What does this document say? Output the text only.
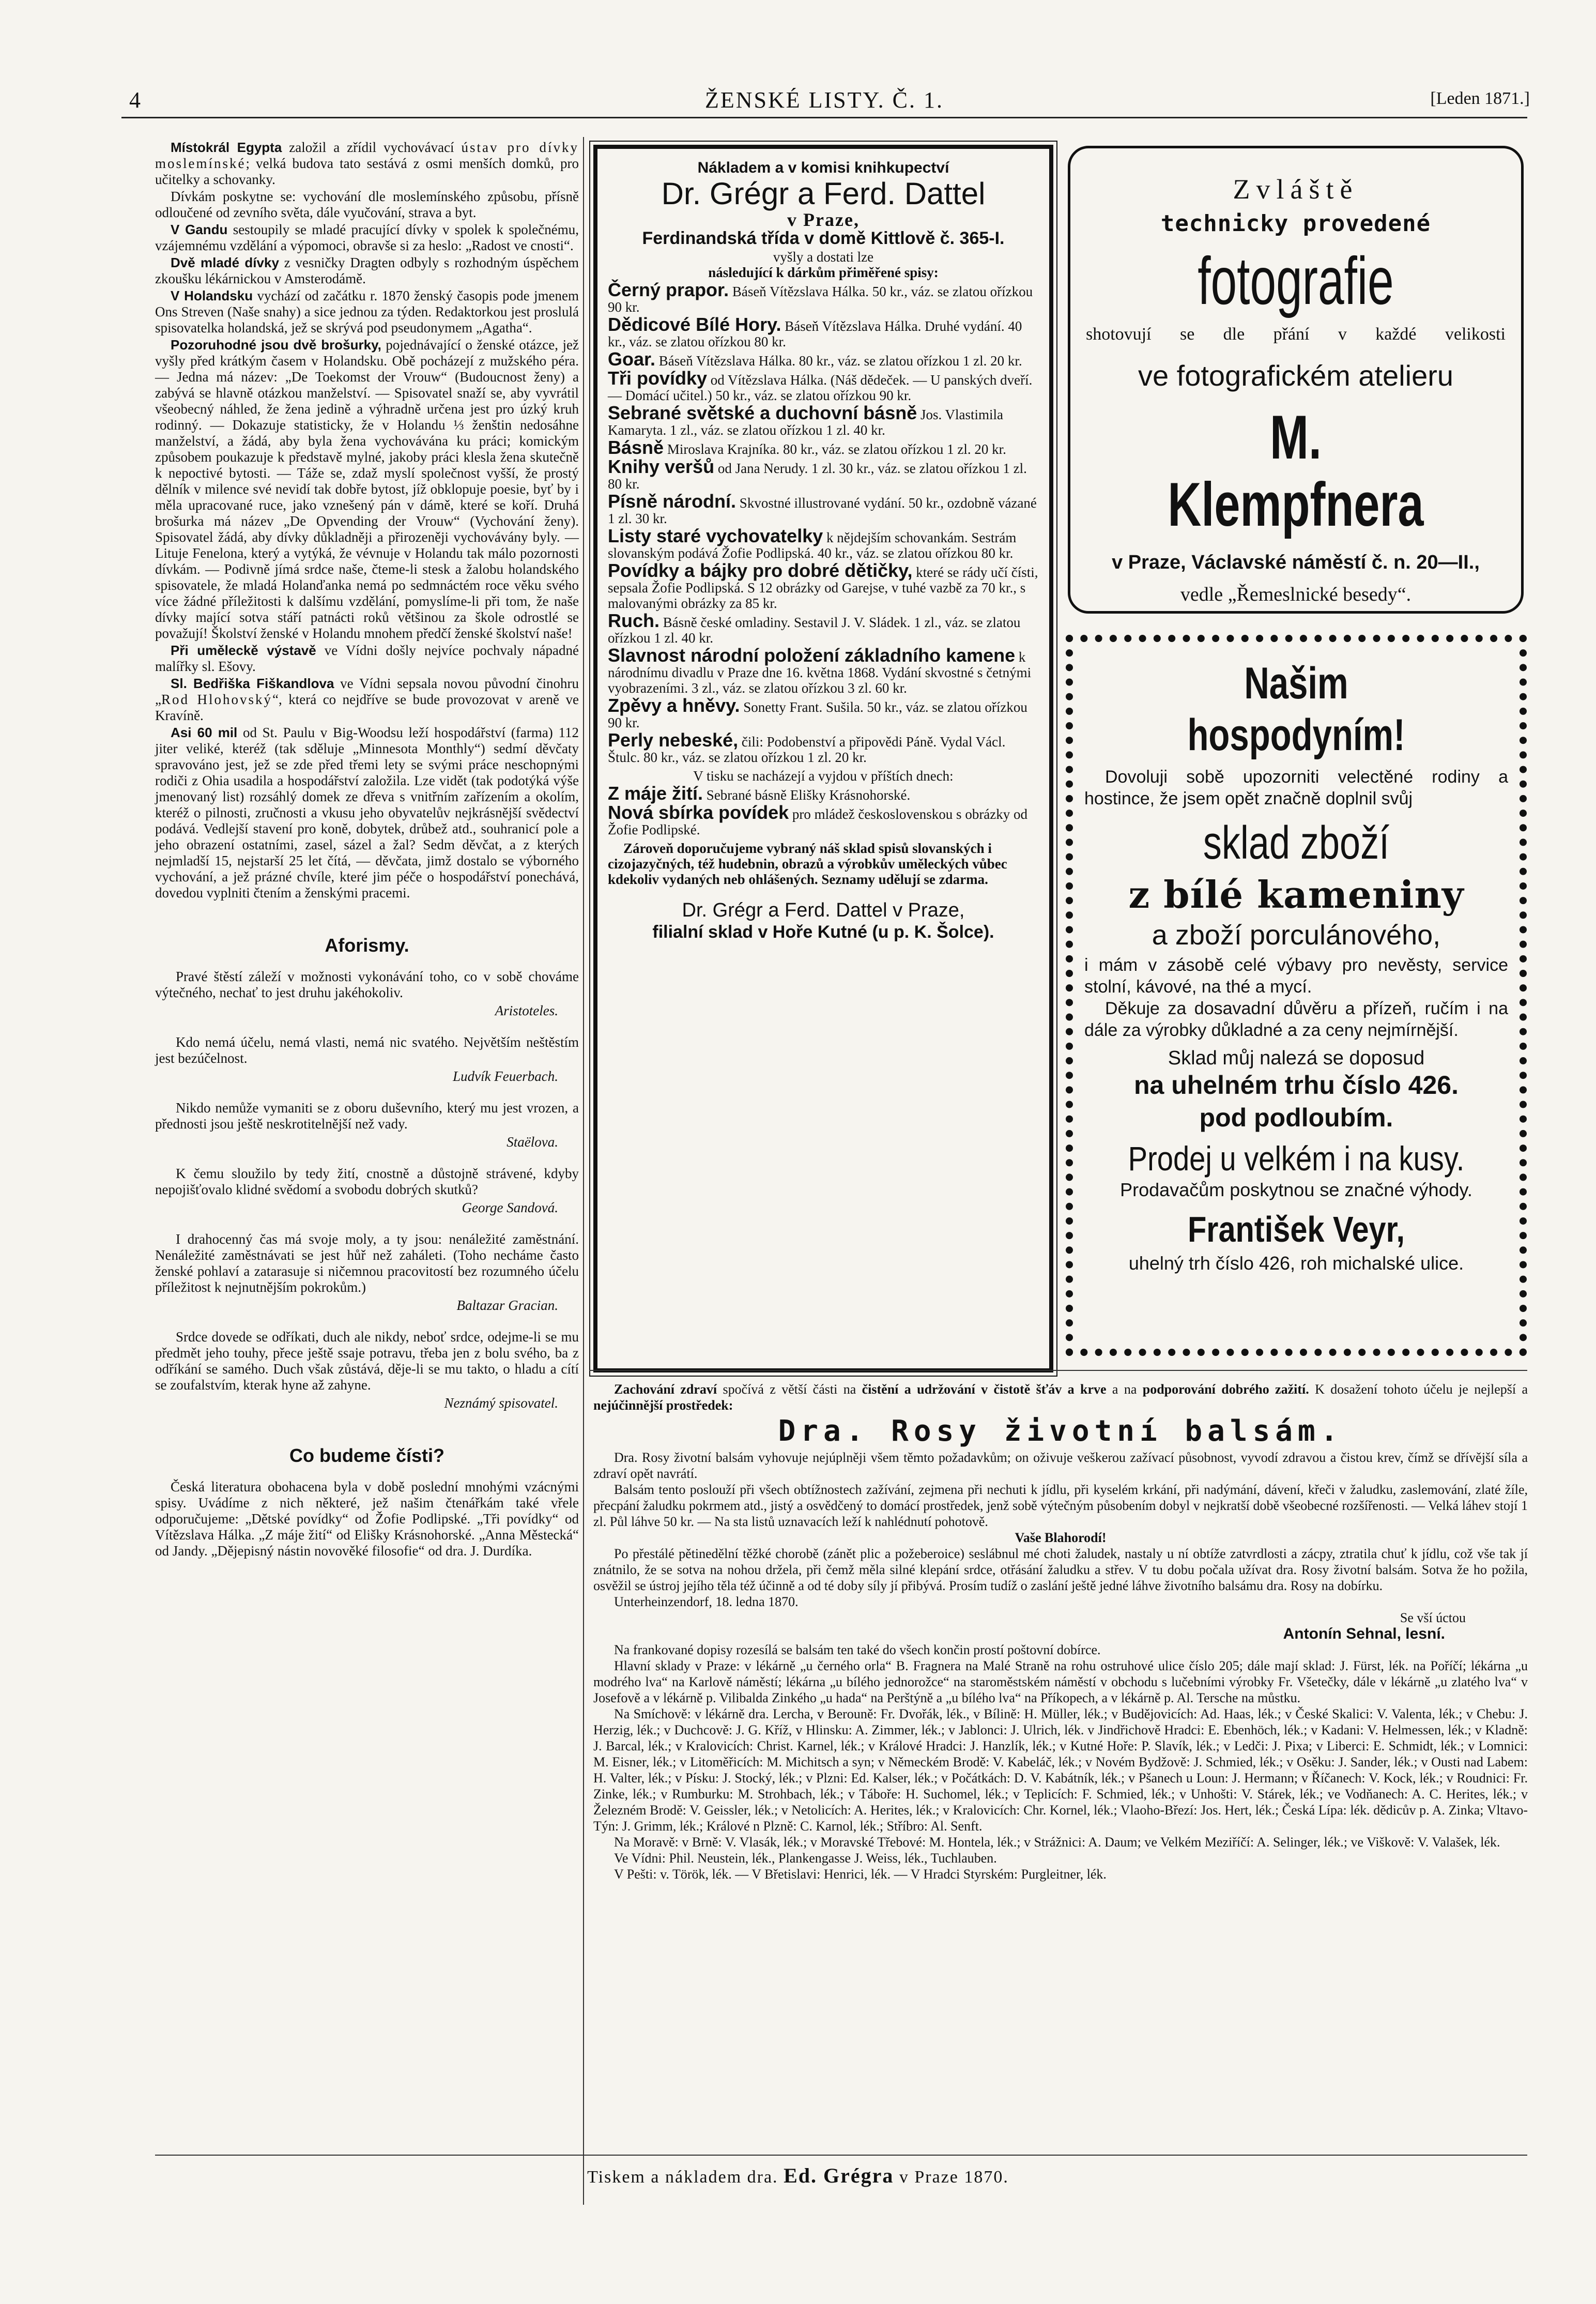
4	ŽENSKÉ LISTY. Č. 1.	[Leden 1871.]

Místokrál Egypta založil a zřídil vychovávací ústav pro dívky moslemínské; velká budova tato sestává z osmi menších domků, pro učitelky a schovanky.

Dívkám poskytne se: vychování dle moslemínského způsobu, přísně odloučené od zevního světa, dále vyučování, strava a byt.

V Gandu sestoupily se mladé pracující dívky v spolek k společnému, vzájemnému vzdělání a výpomoci, obravše si za heslo: „Radost ve cnosti“.

Dvě mladé dívky z vesničky Dragten odbyly s rozhodným úspěchem zkoušku lékárnickou v Amsterodámě.

V Holandsku vychází od začátku r. 1870 ženský časopis pode jmenem Ons Streven (Naše snahy) a sice jednou za týden. Redaktorkou jest proslulá spisovatelka holandská, jež se skrývá pod pseudonymem „Agatha“.

Pozoruhodné jsou dvě brošurky, pojednávající o ženské otázce, jež vyšly před krátkým časem v Holandsku. Obě pocházejí z mužského péra. — Jedna má název: „De Toekomst der Vrouw“ (Budoucnost ženy) a zabývá se hlavně otázkou manželství. — Spisovatel snaží se, aby vyvrátil všeobecný náhled, že žena jedině a výhradně určena jest pro úzký kruh rodinný. — Dokazuje statisticky, že v Holandu ⅓ ženštin nedosáhne manželství, a žádá, aby byla žena vychovávána ku práci; komickým způsobem poukazuje k představě mylné, jakoby práci klesla žena skutečně k nepoctivé bytosti. — Táže se, zdaž myslí společnost vyšší, že prostý dělník v milence své nevidí tak dobře bytost, jíž obklopuje poesie, byť by i měla upracované ruce, jako vznešený pán v dámě, které se koří. Druhá brošurka má název „De Opvending der Vrouw“ (Vychování ženy). Spisovatel žádá, aby dívky důkladněji a přirozeněji vychovávány byly. — Lituje Fenelona, který a vytýká, že vévnuje v Holandu tak málo pozornosti dívkám. — Podivně jímá srdce naše, čteme-li stesk a žalobu holandského spisovatele, že mladá Holanďanka nemá po sedmnáctém roce věku svého více žádné příležitosti k dalšímu vzdělání, pomyslíme-li při tom, že naše dívky mající sotva stáří patnácti roků většinou za škole odrostlé se považují! Školství ženské v Holandu mnohem předčí ženské školství naše!

Při uměleckě výstavě ve Vídni došly nejvíce pochvaly nápadné malířky sl. Ešovy.

Sl. Bedřiška Fiškandlova ve Vídni sepsala novou původní činohru „Rod Hlohovský“, která co nejdříve se bude provozovat v areně ve Kravíně.

Asi 60 mil od St. Paulu v Big-Woodsu leží hospodářství (farma) 112 jiter veliké, kteréž (tak sděluje „Minnesota Monthly“) sedmí děvčaty spravováno jest, jež se zde před třemi lety se svými práce neschopnými rodiči z Ohia usadila a hospodářství založila. Lze vidět (tak podotýká výše jmenovaný list) rozsáhlý domek ze dřeva s vnitřním zařízením a okolím, kteréž o pilnosti, zručnosti a vkusu jeho obyvatelův nejkrásnější svědectví podává. Vedlejší stavení pro koně, dobytek, drůbež atd., souhranicí pole a jeho obrazení ostatními, zasel, sázel a žal? Sedm děvčat, a z kterých nejmladší 15, nejstarší 25 let čítá, — děvčata, jimž dostalo se výborného vychování, a jež prázné chvíle, které jim péče o hospodářství ponechává, dovedou vyplniti čtením a ženskými pracemi.

Aforismy.

Pravé štěstí záleží v možnosti vykonávání toho, co v sobě chováme výtečného, nechať to jest druhu jakéhokoliv.

Aristoteles.

Kdo nemá účelu, nemá vlasti, nemá nic svatého. Největším neštěstím jest bezúčelnost.

Ludvík Feuerbach.

Nikdo nemůže vymaniti se z oboru duševního, který mu jest vrozen, a přednosti jsou ještě neskrotitelnější než vady.

Staëlova.

K čemu sloužilo by tedy žití, cnostně a důstojně strávené, kdyby nepojišťovalo klidné svědomí a svobodu dobrých skutků?

George Sandová.

I drahocenný čas má svoje moly, a ty jsou: nenáležité zaměstnání. Nenáležité zaměstnávati se jest hůř než zaháleti. (Toho necháme často ženské pohlaví a zatarasuje si ničemnou pracovitostí bez rozumného účelu příležitost k nejnutnějším pokrokům.)

Baltazar Gracian.

Srdce dovede se odříkati, duch ale nikdy, neboť srdce, odejme-li se mu předmět jeho touhy, přece ještě ssaje potravu, třeba jen z bolu svého, ba z odříkání se samého. Duch však zůstává, děje-li se mu takto, o hladu a cítí se zoufalstvím, kterak hyne až zahyne.

Neznámý spisovatel.
Co budeme čísti?

Česká literatura obohacena byla v době poslední mnohými vzácnými spisy. Uvádíme z nich některé, jež našim čtenářkám také vřele odporučujeme: „Dětské povídky“ od Žofie Podlipské. „Tři povídky“ od Vítězslava Hálka. „Z máje žití“ od Elišky Krásnohorské. „Anna Městecká“ od Jandy. „Dějepisný nástin novověké filosofie“ od dra. J. Durdíka.

Nákladem a v komisi knihkupectví
Dr. Grégr a Ferd. Dattel
v Praze,
Ferdinandská třída v domě Kittlově č. 365-I.
vyšly a dostati lze
následující k dárkům přiměřené spisy:
Černý prapor. Báseň Vítězslava Hálka. 50 kr., váz. se zlatou ořízkou 90 kr.
Dědicové Bílé Hory. Báseň Vítězslava Hálka. Druhé vydání. 40 kr., váz. se zlatou ořízkou 80 kr.
Goar. Báseň Vítězslava Hálka. 80 kr., váz. se zlatou ořízkou 1 zl. 20 kr.
Tři povídky od Vítězslava Hálka. (Náš dědeček. — U panských dveří. — Domácí učitel.) 50 kr., váz. se zlatou ořízkou 90 kr.
Sebrané světské a duchovní básně Jos. Vlastimila Kamaryta. 1 zl., váz. se zlatou ořízkou 1 zl. 40 kr.
Básně Miroslava Krajníka. 80 kr., váz. se zlatou ořízkou 1 zl. 20 kr.
Knihy veršů od Jana Nerudy. 1 zl. 30 kr., váz. se zlatou ořízkou 1 zl. 80 kr.
Písně národní. Skvostné illustrované vydání. 50 kr., ozdobně vázané 1 zl. 30 kr.
Listy staré vychovatelky k nějdejším schovankám. Sestrám slovanským podává Žofie Podlipská. 40 kr., váz. se zlatou ořízkou 80 kr.
Povídky a bájky pro dobré dětičky, které se rády učí čísti, sepsala Žofie Podlipská. S 12 obrázky od Garejse, v tuhé vazbě za 70 kr., s malovanými obrázky za 85 kr.
Ruch. Básně české omladiny. Sestavil J. V. Sládek. 1 zl., váz. se zlatou ořízkou 1 zl. 40 kr.
Slavnost národní položení základního kamene k národnímu divadlu v Praze dne 16. května 1868. Vydání skvostné s četnými vyobrazeními. 3 zl., váz. se zlatou ořízkou 3 zl. 60 kr.
Zpěvy a hněvy. Sonetty Frant. Sušila. 50 kr., váz. se zlatou ořízkou 90 kr.
Perly nebeské, čili: Podobenství a připovědi Páně. Vydal Václ. Štulc. 80 kr., váz. se zlatou ořízkou 1 zl. 20 kr.
V tisku se nacházejí a vyjdou v příštích dnech:
Z máje žití. Sebrané básně Elišky Krásnohorské.
Nová sbírka povídek pro mládež československou s obrázky od Žofie Podlipské.
Zároveň doporučujeme vybraný náš sklad spisů slovanských i cizojazyčných, též hudebnin, obrazů a výrobkův uměleckých vůbec kdekoliv vydaných neb ohlášených. Seznamy udělují se zdarma.
Dr. Grégr a Ferd. Dattel v Praze,
filialní sklad v Hoře Kutné (u p. K. Šolce).
Zvláště
technicky provedené
fotografie
shotovují se dle přání v každé velikosti
ve fotografickém atelieru
M. Klempfnera
v Praze, Václavské náměstí č. n. 20—II.,
vedle „Řemeslnické besedy“.
Našim hospodyním!
Dovoluji sobě upozorniti velectěné rodiny a hostince, že jsem opět značně doplnil svůj
sklad zboží
z bílé kameniny
a zboží porculánového,
i mám v zásobě celé výbavy pro nevěsty, service stolní, kávové, na thé a mycí.
Děkuje za dosavadní důvěru a přízeň, ručím i na dále za výrobky důkladné a za ceny nejmírnější.
Sklad můj nalezá se doposud
na uhelném trhu číslo 426.
pod podloubím.
Prodej u velkém i na kusy.
Prodavačům poskytnou se značné výhody.
František Veyr,
uhelný trh číslo 426, roh michalské ulice.

Zachování zdraví spočívá z větší části na čistění a udržování v čistotě šťáv a krve a na podporování dobrého zažití. K dosažení tohoto účelu je nejlepší a nejúčinnější prostředek:

Dra. Rosy životní balsám.

Dra. Rosy životní balsám vyhovuje nejúplněji všem těmto požadavkům; on oživuje veškerou zažívací působnost, vyvodí zdravou a čistou krev, čímž se dřívější síla a zdraví opět navrátí.

Balsám tento poslouží při všech obtížnostech zažívání, zejmena při nechuti k jídlu, při kyselém krkání, při nadýmání, dávení, křeči v žaludku, zaslemování, zlaté žíle, přecpání žaludku pokrmem atd., jistý a osvědčený to domácí prostředek, jenž sobě výtečným působením dobyl v nejkratší době všeobecné rozšířenosti. — Velká láhev stojí 1 zl. Půl láhve 50 kr. — Na sta listů uznavacích leží k nahlédnutí pohotově.

Vaše Blahorodí!

Po přestálé pětinedělní těžké chorobě (zánět plic a požeberoice) seslábnul mé choti žaludek, nastaly u ní obtíže zatvrdlosti a zácpy, ztratila chuť k jídlu, což vše tak jí znátnilo, že se sotva na nohou držela, při čemž měla silné klepání srdce, otřásání žaludku a střev. V tu dobu počala užívat dra. Rosy životní balsám. Sotva že ho požila, osvěžil se ústroj jejího těla též účinně a od té doby síly jí přibývá. Prosím tudíž o zaslání ještě jedné láhve životního balsámu dra. Rosy na dobírku.

Unterheinzendorf, 18. ledna 1870.

Se vší úctou
Antonín Sehnal, lesní.

Na frankované dopisy rozesílá se balsám ten také do všech končin prostí poštovní dobírce.

Hlavní sklady v Praze: v lékárně „u černého orla“ B. Fragnera na Malé Straně na rohu ostruhové ulice číslo 205; dále mají sklad: J. Fürst, lék. na Poříčí; lékárna „u modrého lva“ na Karlově náměstí; lékárna „u bílého jednorožce“ na staroměstském náměstí v obchodu s lučebními výrobky Fr. Všetečky, dále v lékárně „u zlatého lva“ v Josefově a v lékárně p. Vilibalda Zinkého „u hada“ na Perštýně a „u bílého lva“ na Příkopech, a v lékárně p. Al. Tersche na můstku.

Na Smíchově: v lékárně dra. Lercha, v Berouně: Fr. Dvořák, lék., v Bílině: H. Müller, lék.; v Budějovicích: Ad. Haas, lék.; v České Skalici: V. Valenta, lék.; v Chebu: J. Herzig, lék.; v Duchcově: J. G. Kříž, v Hlinsku: A. Zimmer, lék.; v Jablonci: J. Ulrich, lék. v Jindřichově Hradci: E. Ebenhöch, lék.; v Kadani: V. Helmessen, lék.; v Kladně: J. Barcal, lék.; v Kralovicích: Christ. Karnel, lék.; v Králové Hradci: J. Hanzlík, lék.; v Kutné Hoře: P. Slavík, lék.; v Ledči: J. Pixa; v Liberci: E. Schmidt, lék.; v Lomnici: M. Eisner, lék.; v Litoměřicích: M. Michitsch a syn; v Německém Brodě: V. Kabeláč, lék.; v Novém Bydžově: J. Schmied, lék.; v Osěku: J. Sander, lék.; v Ousti nad Labem: H. Valter, lék.; v Písku: J. Stocký, lék.; v Plzni: Ed. Kalser, lék.; v Počátkách: D. V. Kabátník, lék.; v Pšanech u Loun: J. Hermann; v Říčanech: V. Kock, lék.; v Roudnici: Fr. Zinke, lék.; v Rumburku: M. Strohbach, lék.; v Táboře: H. Suchomel, lék.; v Teplicích: F. Schmied, lék.; v Unhošti: V. Stárek, lék.; ve Vodňanech: A. C. Herites, lék.; v Železném Brodě: V. Geissler, lék.; v Netolicích: A. Herites, lék.; v Kralovicích: Chr. Kornel, lék.; Vlaoho-Březí: Jos. Hert, lék.; Česká Lípa: lék. dědicův p. A. Zinka; Vltavo-Týn: J. Grimm, lék.; Králové n Plzně: C. Karnol, lék.; Stříbro: Al. Senft.

Na Moravě: v Brně: V. Vlasák, lék.; v Moravské Třebové: M. Hontela, lék.; v Strážnici: A. Daum; ve Velkém Meziříčí: A. Selinger, lék.; ve Viškově: V. Valašek, lék.

Ve Vídni: Phil. Neustein, lék., Plankengasse J. Weiss, lék., Tuchlauben.

V Pešti: v. Török, lék. — V Břetislavi: Henrici, lék. — V Hradci Styrském: Purgleitner, lék.

Tiskem a nákladem dra. Ed. Grégra v Praze 1870.
